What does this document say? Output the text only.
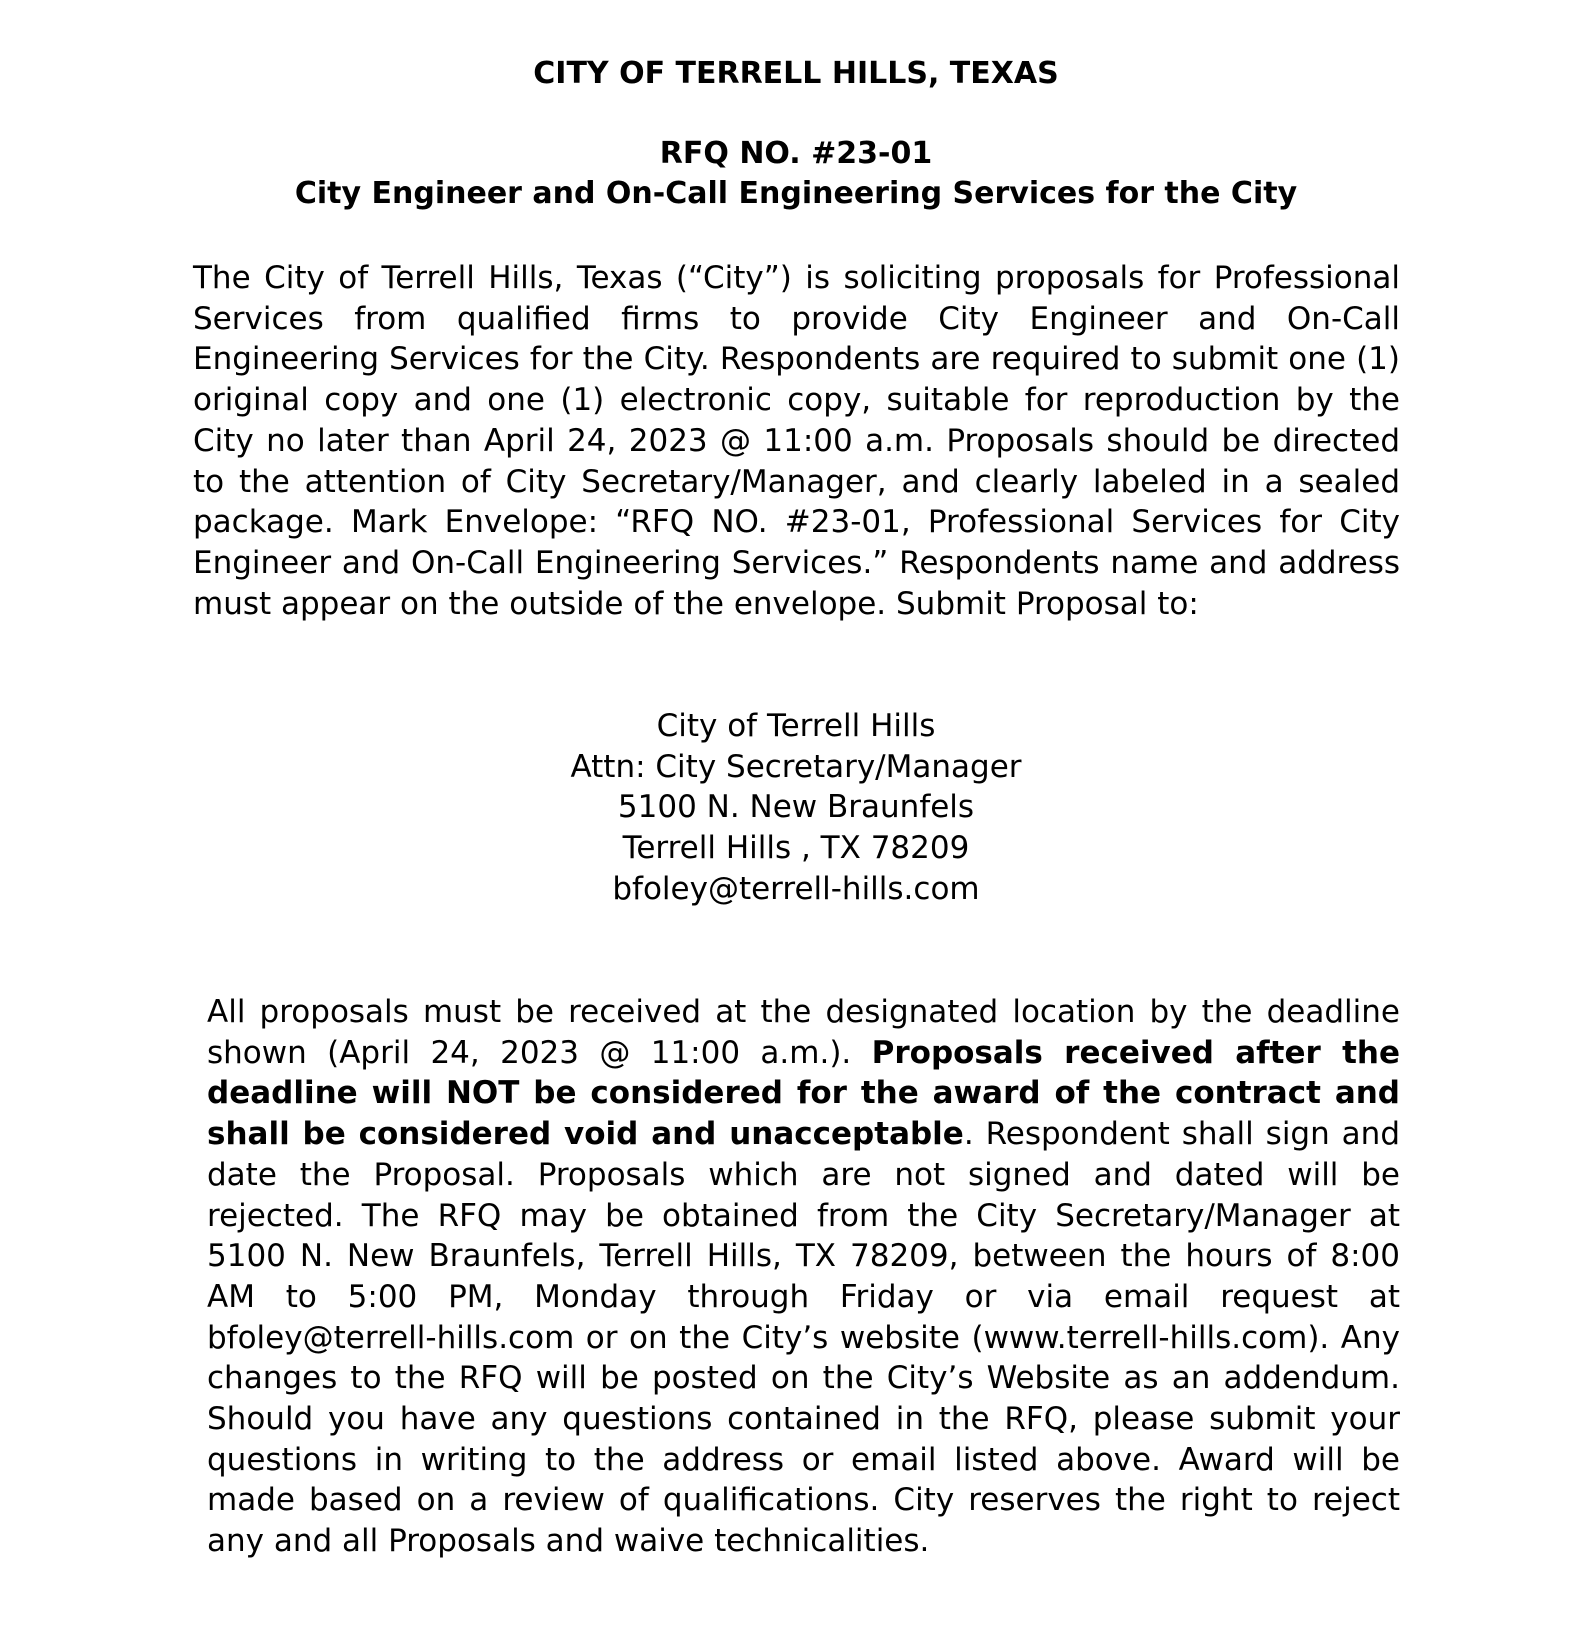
CITY OF TERRELL HILLS, TEXAS
RFQ NO. #23-01
City Engineer and On-Call Engineering Services for the City

The City of Terrell Hills, Texas (“City”) is soliciting proposals for Professional Services from qualified firms to provide City Engineer and On-Call Engineering Services for the City. Respondents are required to submit one (1) original copy and one (1) electronic copy, suitable for reproduction by the City no later than April 24, 2023 @ 11:00 a.m. Proposals should be directed to the attention of City Secretary/Manager, and clearly labeled in a sealed package. Mark Envelope: “RFQ NO. #23-01, Professional Services for City Engineer and On-Call Engineering Services.” Respondents name and address must appear on the outside of the envelope. Submit Proposal to:

City of Terrell Hills
Attn: City Secretary/Manager
5100 N. New Braunfels
Terrell Hills , TX 78209
bfoley@terrell-hills.com

All proposals must be received at the designated location by the deadline shown (April 24, 2023 @ 11:00 a.m.). Proposals received after the deadline will NOT be considered for the award of the contract and shall be considered void and unacceptable. Respondent shall sign and date the Proposal. Proposals which are not signed and dated will be rejected. The RFQ may be obtained from the City Secretary/Manager at 5100 N. New Braunfels, Terrell Hills, TX 78209, between the hours of 8:00 AM to 5:00 PM, Monday through Friday or via email request at bfoley@terrell-hills.com or on the City’s website (www.terrell-hills.com). Any changes to the RFQ will be posted on the City’s Website as an addendum. Should you have any questions contained in the RFQ, please submit your questions in writing to the address or email listed above. Award will be made based on a review of qualifications. City reserves the right to reject any and all Proposals and waive technicalities.
